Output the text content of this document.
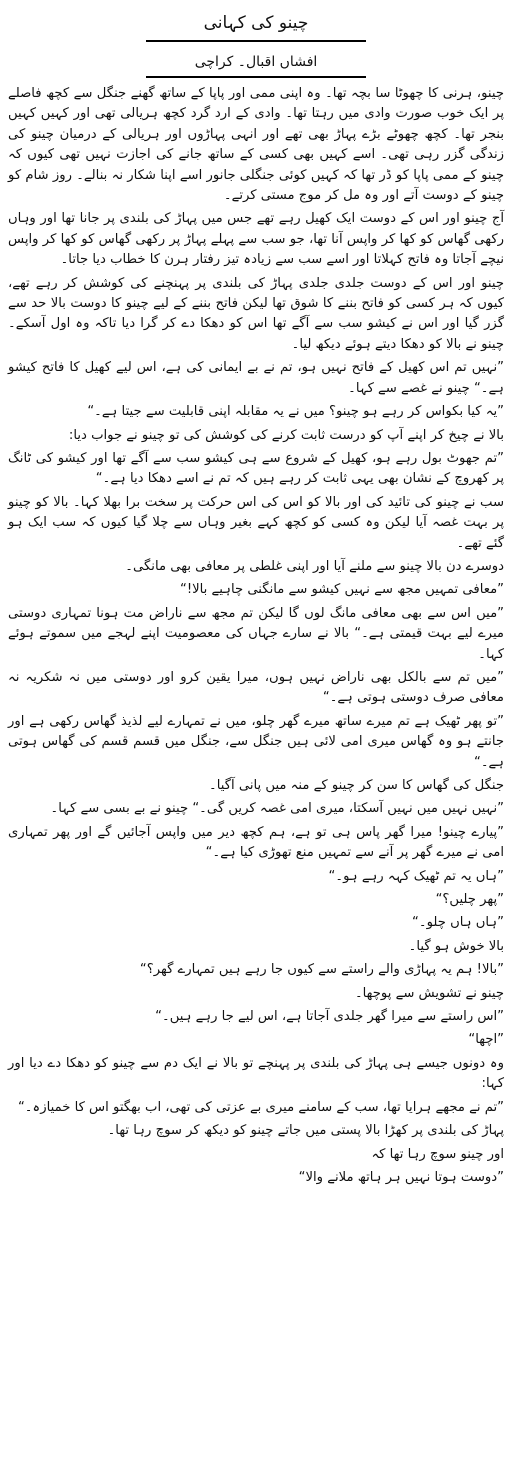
چینو کی کہانی
افشاں اقبال۔ کراچی

چینو، ہرنی کا چھوٹا سا بچہ تھا۔ وہ اپنی ممی اور پاپا کے ساتھ گھنے جنگل سے کچھ فاصلے پر ایک خوب صورت وادی میں رہتا تھا۔ وادی کے ارد گرد کچھ ہریالی تھی اور کہیں کہیں بنجر تھا۔ کچھ چھوٹے بڑے پہاڑ بھی تھے اور انہی پہاڑوں اور ہریالی کے درمیان چینو کی زندگی گزر رہی تھی۔ اسے کہیں بھی کسی کے ساتھ جانے کی اجازت نہیں تھی کیوں کہ چینو کے ممی پاپا کو ڈر تھا کہ کہیں کوئی جنگلی جانور اسے اپنا شکار نہ بنالے۔ روز شام کو چینو کے دوست آتے اور وہ مل کر موج مستی کرتے۔

آج چینو اور اس کے دوست ایک کھیل رہے تھے جس میں پہاڑ کی بلندی پر جانا تھا اور وہاں رکھی گھاس کو کھا کر واپس آنا تھا، جو سب سے پہلے پہاڑ پر رکھی گھاس کو کھا کر واپس نیچے آجاتا وہ فاتح کہلاتا اور اسے سب سے زیادہ تیز رفتار ہرن کا خطاب دیا جاتا۔

چینو اور اس کے دوست جلدی جلدی پہاڑ کی بلندی پر پہنچنے کی کوشش کر رہے تھے، کیوں کہ ہر کسی کو فاتح بننے کا شوق تھا لیکن فاتح بننے کے لیے چینو کا دوست بالا حد سے گزر گیا اور اس نے کیشو سب سے آگے تھا اس کو دھکا دے کر گرا دیا تاکہ وہ اول آسکے۔ چینو نے بالا کو دھکا دیتے ہوئے دیکھ لیا۔

”نہیں تم اس کھیل کے فاتح نہیں ہو، تم نے بے ایمانی کی ہے، اس لیے کھیل کا فاتح کیشو ہے۔“ چینو نے غصے سے کہا۔

”یہ کیا بکواس کر رہے ہو چینو؟ میں نے یہ مقابلہ اپنی قابلیت سے جیتا ہے۔“

بالا نے چیخ کر اپنے آپ کو درست ثابت کرنے کی کوشش کی تو چینو نے جواب دیا:

”تم جھوٹ بول رہے ہو، کھیل کے شروع سے ہی کیشو سب سے آگے تھا اور کیشو کی ٹانگ پر کھروچ کے نشان بھی یہی ثابت کر رہے ہیں کہ تم نے اسے دھکا دیا ہے۔“

سب نے چینو کی تائید کی اور بالا کو اس کی اس حرکت پر سخت برا بھلا کہا۔ بالا کو چینو پر بہت غصہ آیا لیکن وہ کسی کو کچھ کہے بغیر وہاں سے چلا گیا کیوں کہ سب ایک ہو گئے تھے۔

دوسرے دن بالا چینو سے ملنے آیا اور اپنی غلطی پر معافی بھی مانگی۔

”معافی تمہیں مجھ سے نہیں کیشو سے مانگنی چاہیے بالا!“

”میں اس سے بھی معافی مانگ لوں گا لیکن تم مجھ سے ناراض مت ہونا تمہاری دوستی میرے لیے بہت قیمتی ہے۔“ بالا نے سارے جہاں کی معصومیت اپنے لہجے میں سموتے ہوئے کہا۔

”میں تم سے بالکل بھی ناراض نہیں ہوں، میرا یقین کرو اور دوستی میں نہ شکریہ نہ معافی صرف دوستی ہوتی ہے۔“

”تو پھر ٹھیک ہے تم میرے ساتھ میرے گھر چلو، میں نے تمہارے لیے لذیذ گھاس رکھی ہے اور جانتے ہو وہ گھاس میری امی لائی ہیں جنگل سے، جنگل میں قسم قسم کی گھاس ہوتی ہے۔“

جنگل کی گھاس کا سن کر چینو کے منہ میں پانی آگیا۔

”نہیں نہیں میں نہیں آسکتا، میری امی غصہ کریں گی۔“ چینو نے بے بسی سے کہا۔

”پیارے چینو! میرا گھر پاس ہی تو ہے، ہم کچھ دیر میں واپس آجائیں گے اور پھر تمہاری امی نے میرے گھر پر آنے سے تمہیں منع تھوڑی کیا ہے۔“

”ہاں یہ تم ٹھیک کہہ رہے ہو۔“

”پھر چلیں؟“

”ہاں ہاں چلو۔“

بالا خوش ہو گیا۔

”بالا! ہم یہ پہاڑی والے راستے سے کیوں جا رہے ہیں تمہارے گھر؟“

چینو نے تشویش سے پوچھا۔

”اس راستے سے میرا گھر جلدی آجاتا ہے، اس لیے جا رہے ہیں۔“

”اچھا“

وہ دونوں جیسے ہی پہاڑ کی بلندی پر پہنچے تو بالا نے ایک دم سے چینو کو دھکا دے دیا اور کہا:

”تم نے مجھے ہرایا تھا، سب کے سامنے میری بے عزتی کی تھی، اب بھگتو اس کا خمیازہ۔“

پہاڑ کی بلندی پر کھڑا بالا پستی میں جاتے چینو کو دیکھ کر سوچ رہا تھا۔

اور چینو سوچ رہا تھا کہ

”دوست ہوتا نہیں ہر ہاتھ ملانے والا“
